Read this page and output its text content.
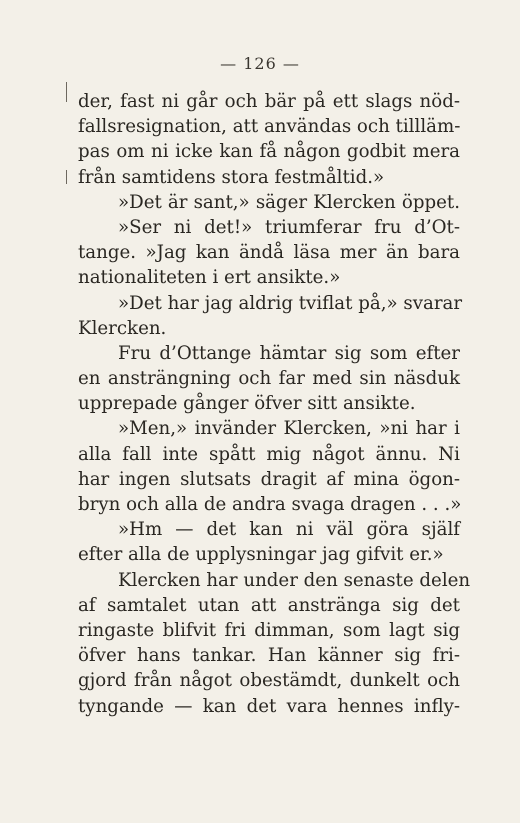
— 126 —
der, fast ni går och bär på ett slags nöd-
fallsresignation, att användas och tillläm-
pas om ni icke kan få någon godbit mera
från samtidens stora festmåltid.»
»Det är sant,» säger Klercken öppet.
»Ser ni det!» triumferar fru d’Ot-
tange. »Jag kan ändå läsa mer än bara
nationaliteten i ert ansikte.»
»Det har jag aldrig tviflat på,» svarar
Klercken.
Fru d’Ottange hämtar sig som efter
en ansträngning och far med sin näsduk
upprepade gånger öfver sitt ansikte.
»Men,» invänder Klercken, »ni har i
alla fall inte spått mig något ännu. Ni
har ingen slutsats dragit af mina ögon-
bryn och alla de andra svaga dragen . . .»
»Hm — det kan ni väl göra själf
efter alla de upplysningar jag gifvit er.»
Klercken har under den senaste delen
af samtalet utan att anstränga sig det
ringaste blifvit fri dimman, som lagt sig
öfver hans tankar. Han känner sig fri-
gjord från något obestämdt, dunkelt och
tyngande — kan det vara hennes infly-
